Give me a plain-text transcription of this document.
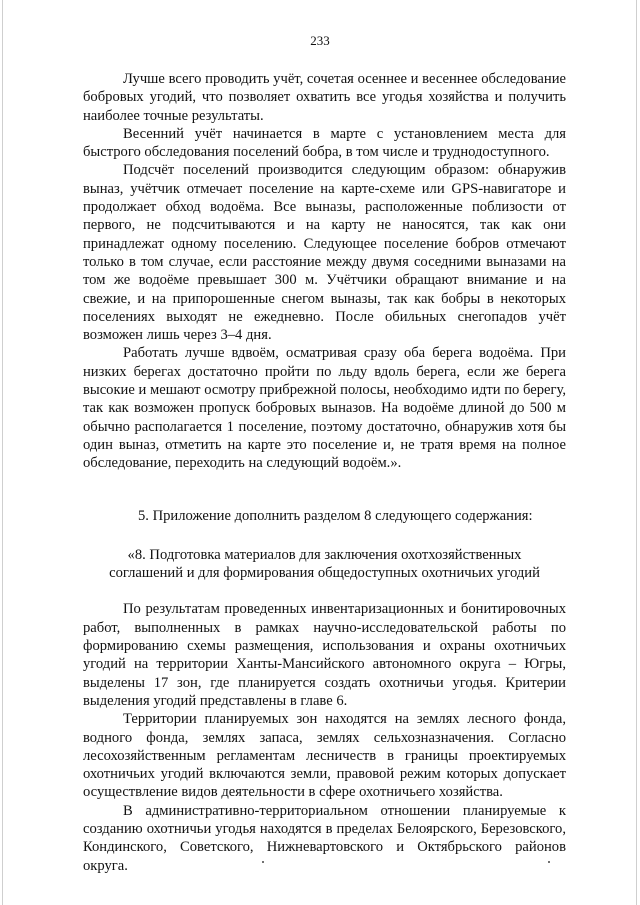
233

Лучше всего проводить учёт, сочетая осеннее и весеннее обследование бобровых угодий, что позволяет охватить все угодья хозяйства и получить наиболее точные результаты.

Весенний учёт начинается в марте с установлением места для быстрого обследования поселений бобра, в том числе и труднодоступного.

Подсчёт поселений производится следующим образом: обнаружив выназ, учётчик отмечает поселение на карте-схеме или GPS-навигаторе и продолжает обход водоёма. Все выназы, расположенные поблизости от первого, не подсчитываются и на карту не наносятся, так как они принадлежат одному поселению. Следующее поселение бобров отмечают только в том случае, если расстояние между двумя соседними выназами на том же водоёме превышает 300 м. Учётчики обращают внимание и на свежие, и на припорошенные снегом выназы, так как бобры в некоторых поселениях выходят не ежедневно. После обильных снегопадов учёт возможен лишь через 3–4 дня.

Работать лучше вдвоём, осматривая сразу оба берега водоёма. При низких берегах достаточно пройти по льду вдоль берега, если же берега высокие и мешают осмотру прибрежной полосы, необходимо идти по берегу, так как возможен пропуск бобровых выназов. На водоёме длиной до 500 м обычно располагается 1 поселение, поэтому достаточно, обнаружив хотя бы один выназ, отметить на карте это поселение и, не тратя время на полное обследование, переходить на следующий водоём.».

5. Приложение дополнить разделом 8 следующего содержания:

«8. Подготовка материалов для заключения охотхозяйственных

соглашений и для формирования общедоступных охотничьих угодий

По результатам проведенных инвентаризационных и бонитировочных работ, выполненных в рамках научно-исследовательской работы по формированию схемы размещения, использования и охраны охотничьих угодий на территории Ханты-Мансийского автономного округа – Югры, выделены 17 зон, где планируется создать охотничьи угодья. Критерии выделения угодий представлены в главе 6.

Территории планируемых зон находятся на землях лесного фонда, водного фонда, землях запаса, землях сельхозназначения. Согласно лесохозяйственным регламентам лесничеств в границы проектируемых охотничьих угодий включаются земли, правовой режим которых допускает осуществление видов деятельности в сфере охотничьего хозяйства.

В административно-территориальном отношении планируемые к созданию охотничьи угодья находятся в пределах Белоярского, Березовского, Кондинского, Советского, Нижневартовского и Октябрьского районов округа.
